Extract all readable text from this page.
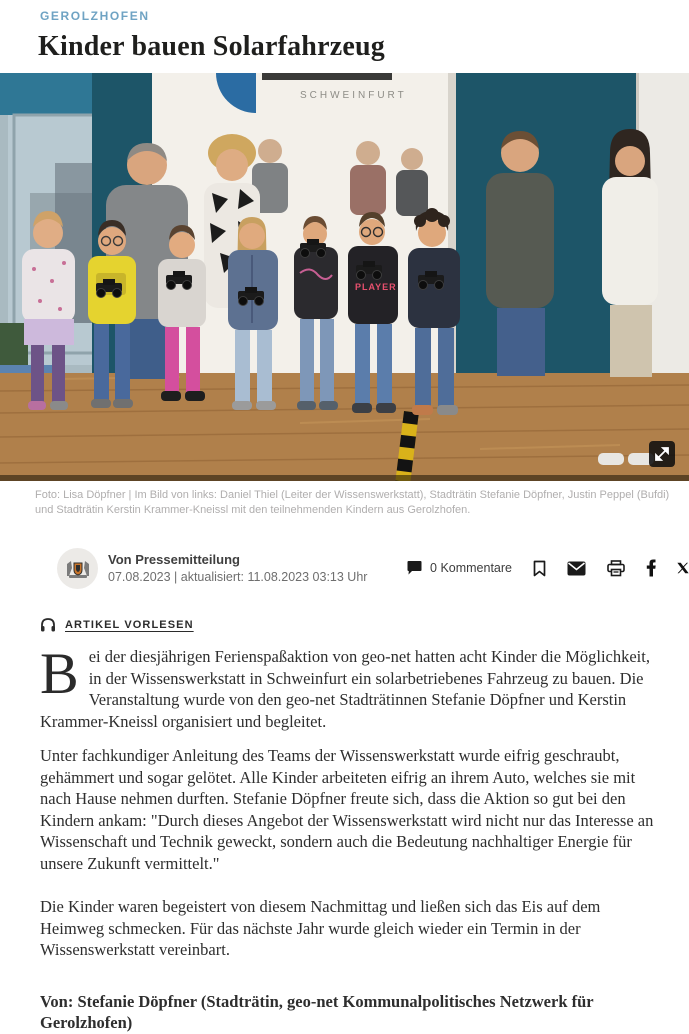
GEROLZHOFEN
Kinder bauen Solarfahrzeug
SCHWEINFURT
PLAYER
Foto: Lisa Döpfner | Im Bild von links: Daniel Thiel (Leiter der Wissenswerkstatt), Stadträtin Stefanie Döpfner, Justin Peppel (Bufdi) und Stadträtin Kerstin Krammer-Kneissl mit den teilnehmenden Kindern aus Gerolzhofen.
Von Pressemitteilung
07.08.2023 | aktualisiert: 11.08.2023 03:13 Uhr
0 Kommentare
ARTIKEL VORLESEN

Bei der diesjährigen Ferienspaßaktion von geo-net hatten acht Kinder die Möglichkeit, in der Wissenswerkstatt in Schweinfurt ein solarbetriebenes Fahrzeug zu bauen. Die Veranstaltung wurde von den geo-net Stadträtinnen Stefanie Döpfner und Kerstin Krammer-Kneissl organisiert und begleitet.

Unter fachkundiger Anleitung des Teams der Wissenswerkstatt wurde eifrig geschraubt, gehämmert und sogar gelötet. Alle Kinder arbeiteten eifrig an ihrem Auto, welches sie mit nach Hause nehmen durften. Stefanie Döpfner freute sich, dass die Aktion so gut bei den Kindern ankam: "Durch dieses Angebot der Wissenswerkstatt wird nicht nur das Interesse an Wissenschaft und Technik geweckt, sondern auch die Bedeutung nachhaltiger Energie für unsere Zukunft vermittelt."

Die Kinder waren begeistert von diesem Nachmittag und ließen sich das Eis auf dem Heimweg schmecken. Für das nächste Jahr wurde gleich wieder ein Termin in der Wissenswerkstatt vereinbart.

Von: Stefanie Döpfner (Stadträtin, geo-net Kommunalpolitisches Netzwerk für Gerolzhofen)
